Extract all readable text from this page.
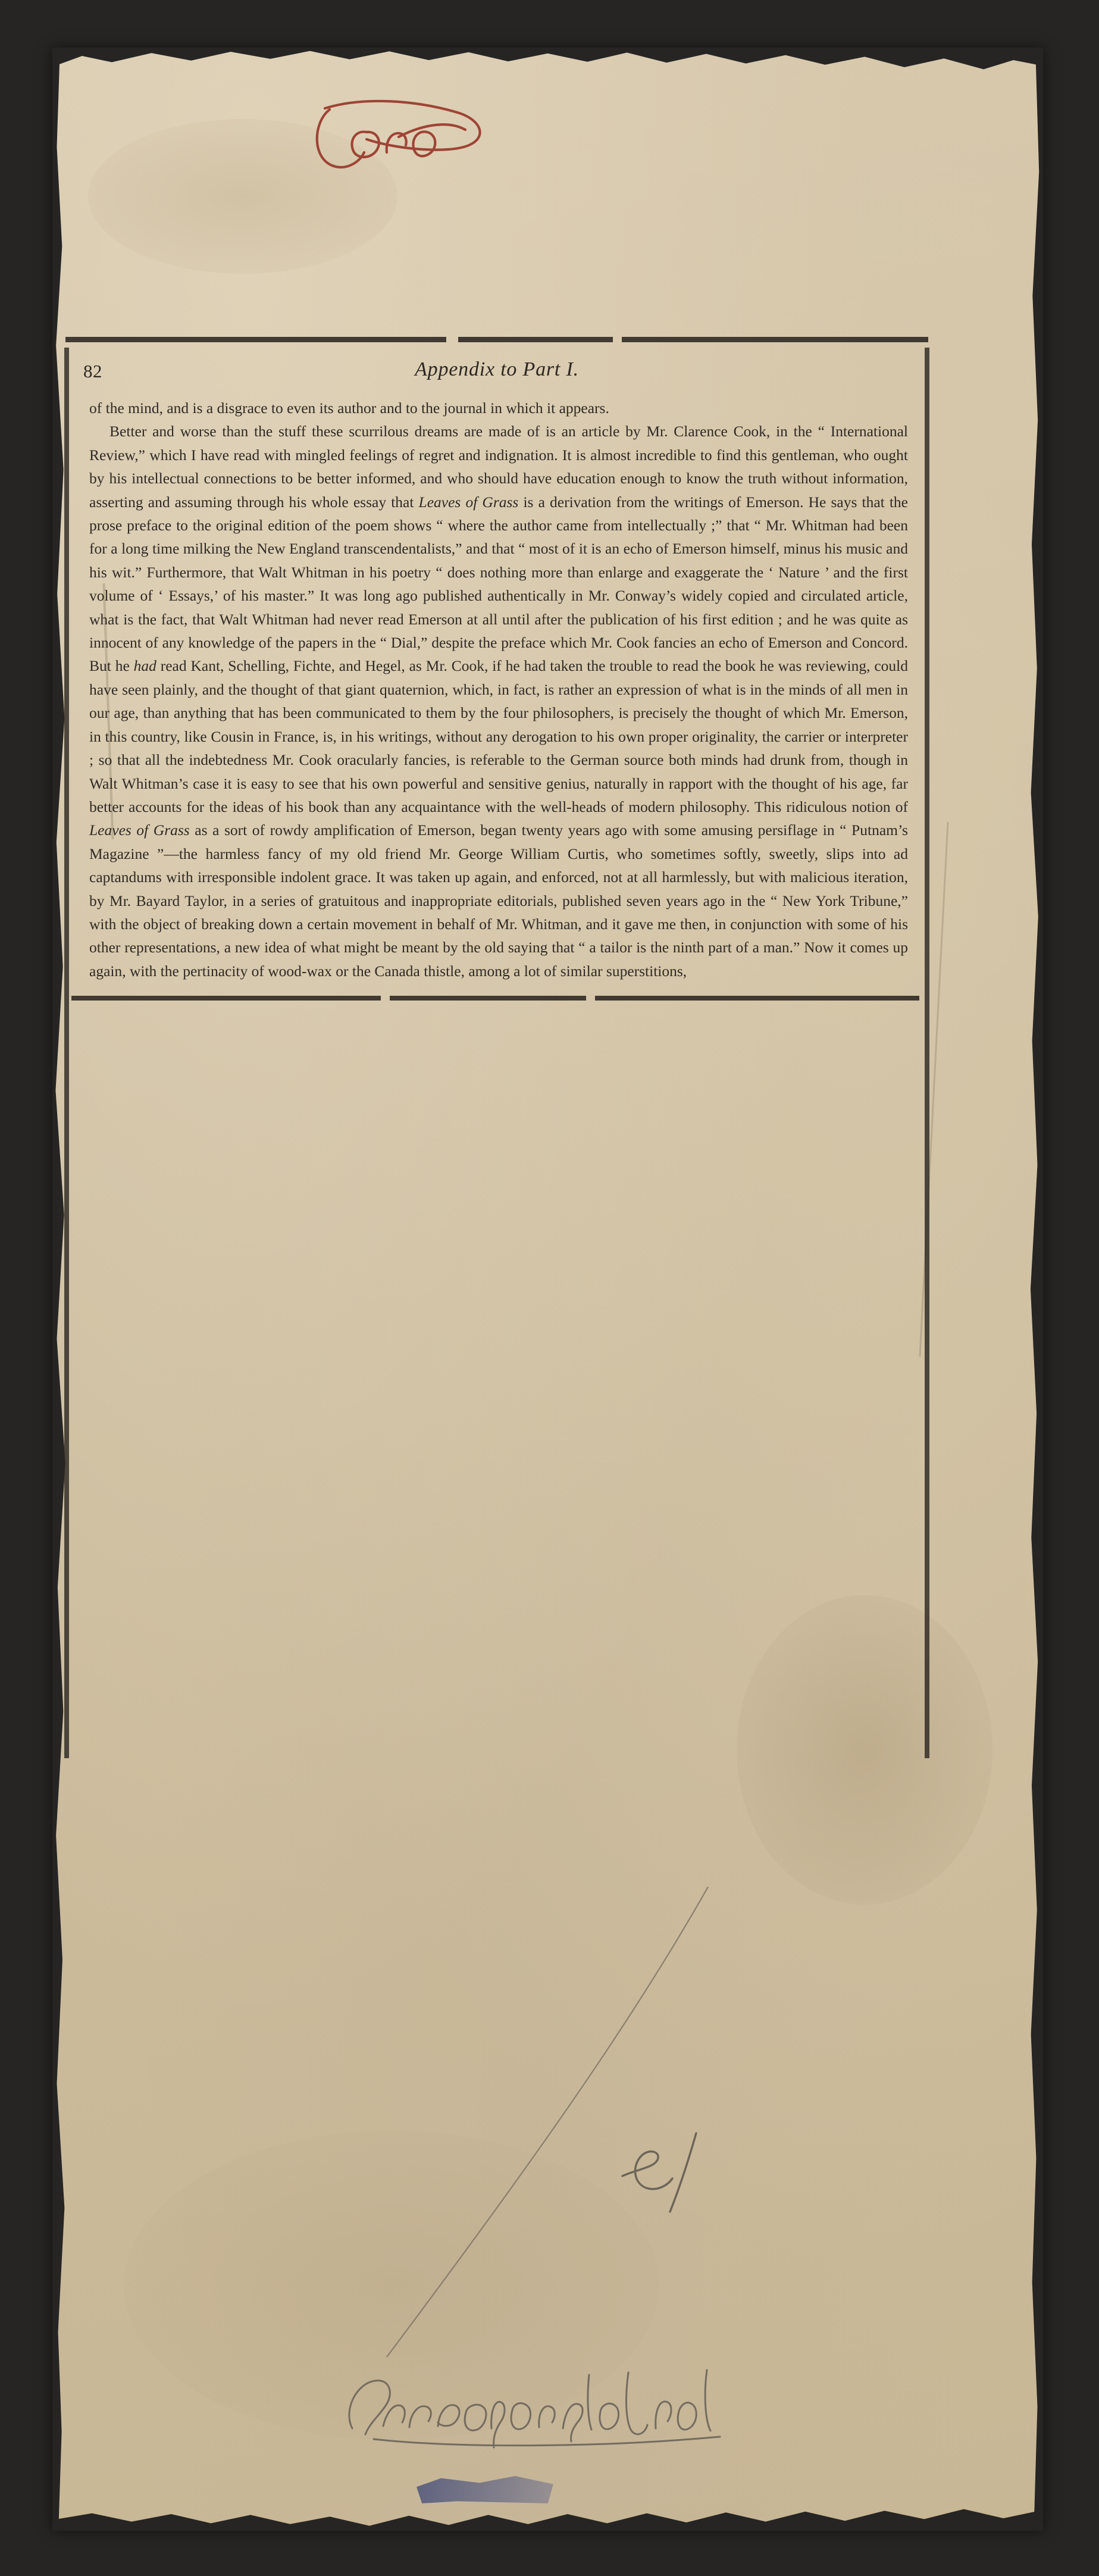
82	Appendix to Part I.

of the mind, and is a disgrace to even its author and to the journal in which it appears.

Better and worse than the stuff these scurrilous dreams are made of is an article by Mr. Clarence Cook, in the “ International Review,” which I have read with mingled feelings of regret and indignation. It is almost incredible to find this gentleman, who ought by his intellectual connections to be better informed, and who should have education enough to know the truth without information, asserting and assuming through his whole essay that Leaves of Grass is a derivation from the writings of Emerson. He says that the prose preface to the original edition of the poem shows “ where the author came from intellectually ;” that “ Mr. Whitman had been for a long time milking the New England transcendentalists,” and that “ most of it is an echo of Emerson himself, minus his music and his wit.” Furthermore, that Walt Whitman in his poetry “ does nothing more than enlarge and exaggerate the ‘ Nature ’ and the first volume of ‘ Essays,’ of his master.” It was long ago published authentically in Mr. Conway’s widely copied and circulated article, what is the fact, that Walt Whitman had never read Emerson at all until after the publication of his first edition ; and he was quite as innocent of any knowledge of the papers in the “ Dial,” despite the preface which Mr. Cook fancies an echo of Emerson and Concord. But he had read Kant, Schelling, Fichte, and Hegel, as Mr. Cook, if he had taken the trouble to read the book he was reviewing, could have seen plainly, and the thought of that giant quaternion, which, in fact, is rather an expression of what is in the minds of all men in our age, than anything that has been communicated to them by the four philosophers, is precisely the thought of which Mr. Emerson, in this country, like Cousin in France, is, in his writings, without any derogation to his own proper originality, the carrier or interpreter ; so that all the indebtedness Mr. Cook oracularly fancies, is referable to the German source both minds had drunk from, though in Walt Whitman’s case it is easy to see that his own powerful and sensitive genius, naturally in rapport with the thought of his age, far better accounts for the ideas of his book than any acquaintance with the well-heads of modern philosophy. This ridiculous notion of Leaves of Grass as a sort of rowdy amplification of Emerson, began twenty years ago with some amusing persiflage in “ Putnam’s Magazine ”—the harmless fancy of my old friend Mr. George William Curtis, who sometimes softly, sweetly, slips into ad captandums with irresponsible indolent grace. It was taken up again, and enforced, not at all harmlessly, but with malicious iteration, by Mr. Bayard Taylor, in a series of gratuitous and inappropriate editorials, published seven years ago in the “ New York Tribune,” with the object of breaking down a certain movement in behalf of Mr. Whitman, and it gave me then, in conjunction with some of his other representations, a new idea of what might be meant by the old saying that “ a tailor is the ninth part of a man.” Now it comes up again, with the pertinacity of wood-wax or the Canada thistle, among a lot of similar superstitions,
